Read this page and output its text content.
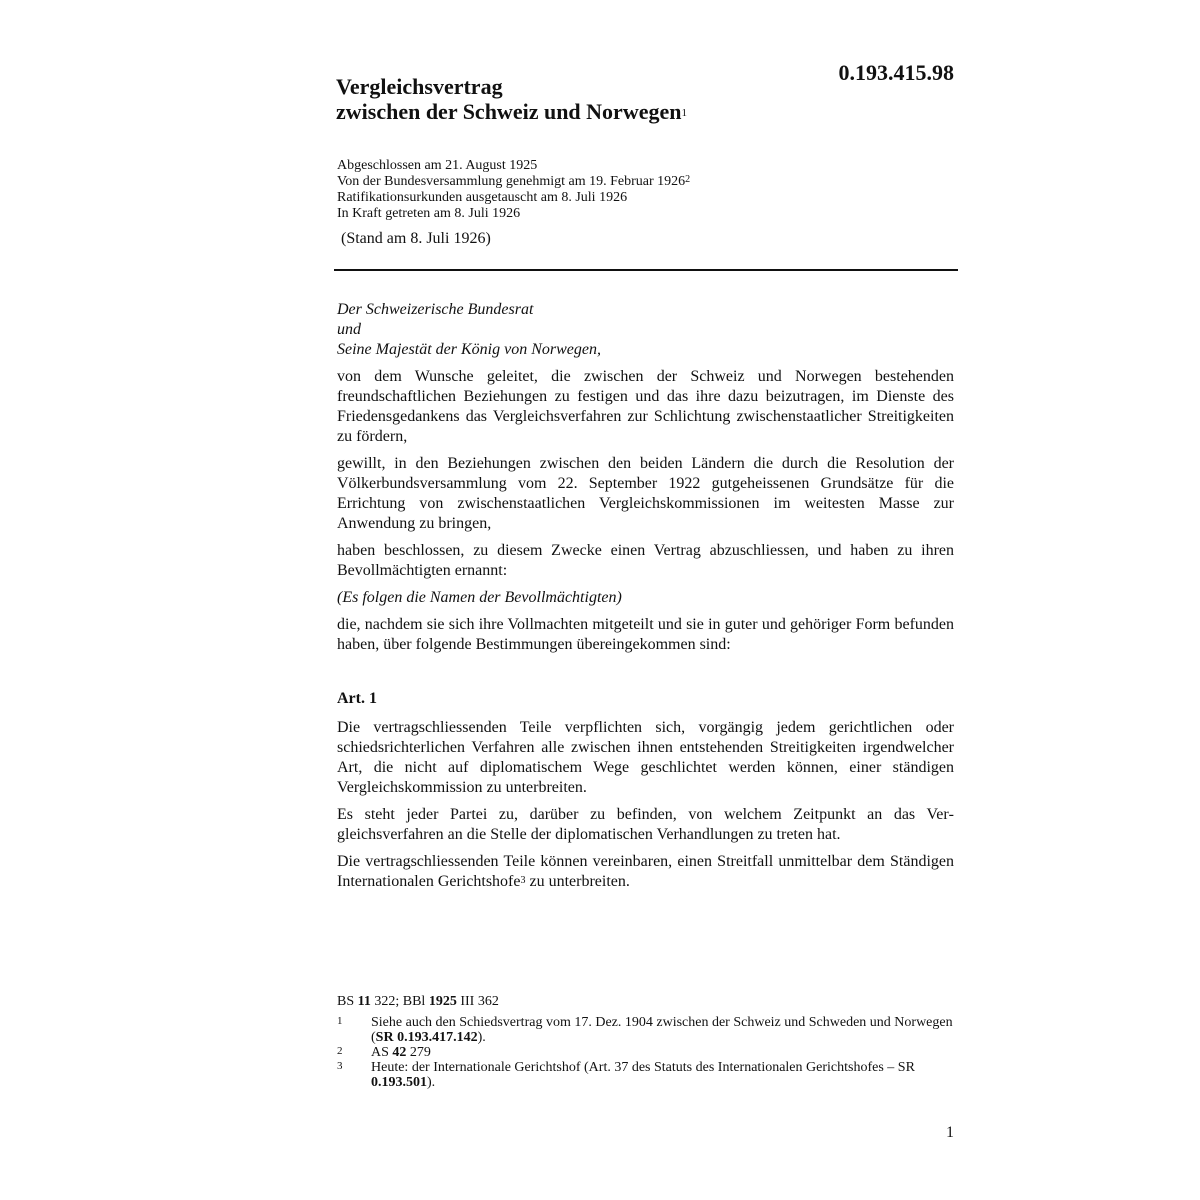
0.193.415.98
Vergleichsvertrag
zwischen der Schweiz und Norwegen$^1$
Abgeschlossen am 21. August 1925
Von der Bundesversammlung genehmigt am 19. Februar 1926$^2$
Ratifikationsurkunden ausgetauscht am 8. Juli 1926
In Kraft getreten am 8. Juli 1926
(Stand am 8. Juli 1926)

Der Schweizerische Bundesrat

und

Seine Majestät der König von Norwegen,

von dem Wunsche geleitet, die zwischen der Schweiz und Norwegen bestehenden freundschaftlichen Beziehungen zu festigen und das ihre dazu beizutragen, im Dienste des Friedensgedankens das Vergleichsverfahren zur Schlichtung zwischenstaatlicher Streitigkeiten zu fördern,

gewillt, in den Beziehungen zwischen den beiden Ländern die durch die Resolution der Völkerbundsversammlung vom 22. September 1922 gutgeheissenen Grundsätze für die Errichtung von zwischenstaatlichen Vergleichskommissionen im weitesten Masse zur Anwendung zu bringen,

haben beschlossen, zu diesem Zwecke einen Vertrag abzuschliessen, und haben zu ihren Bevollmächtigten ernannt:

(Es folgen die Namen der Bevollmächtigten)

die, nachdem sie sich ihre Vollmachten mitgeteilt und sie in guter und gehöriger Form befunden haben, über folgende Bestimmungen übereingekommen sind:

Art. 1

Die vertragschliessenden Teile verpflichten sich, vorgängig jedem gerichtlichen oder schiedsrichterlichen Verfahren alle zwischen ihnen entstehenden Streitigkeiten irgendwelcher Art, die nicht auf diplomatischem Wege geschlichtet werden können, einer ständigen Vergleichskommission zu unterbreiten.

Es steht jeder Partei zu, darüber zu befinden, von welchem Zeitpunkt an das Vergleichsverfahren an die Stelle der diplomatischen Verhandlungen zu treten hat.

Die vertragschliessenden Teile können vereinbaren, einen Streitfall unmittelbar dem Ständigen Internationalen Gerichtshofe$^3$ zu unterbreiten.

BS 11 322; BBl 1925 III 362
1	Siehe auch den Schiedsvertrag vom 17. Dez. 1904 zwischen der Schweiz und Schweden und Norwegen (SR 0.193.417.142).
2	AS 42 279
3	Heute: der Internationale Gerichtshof (Art. 37 des Statuts des Internationalen Gerichtshofes – SR 0.193.501).
1
